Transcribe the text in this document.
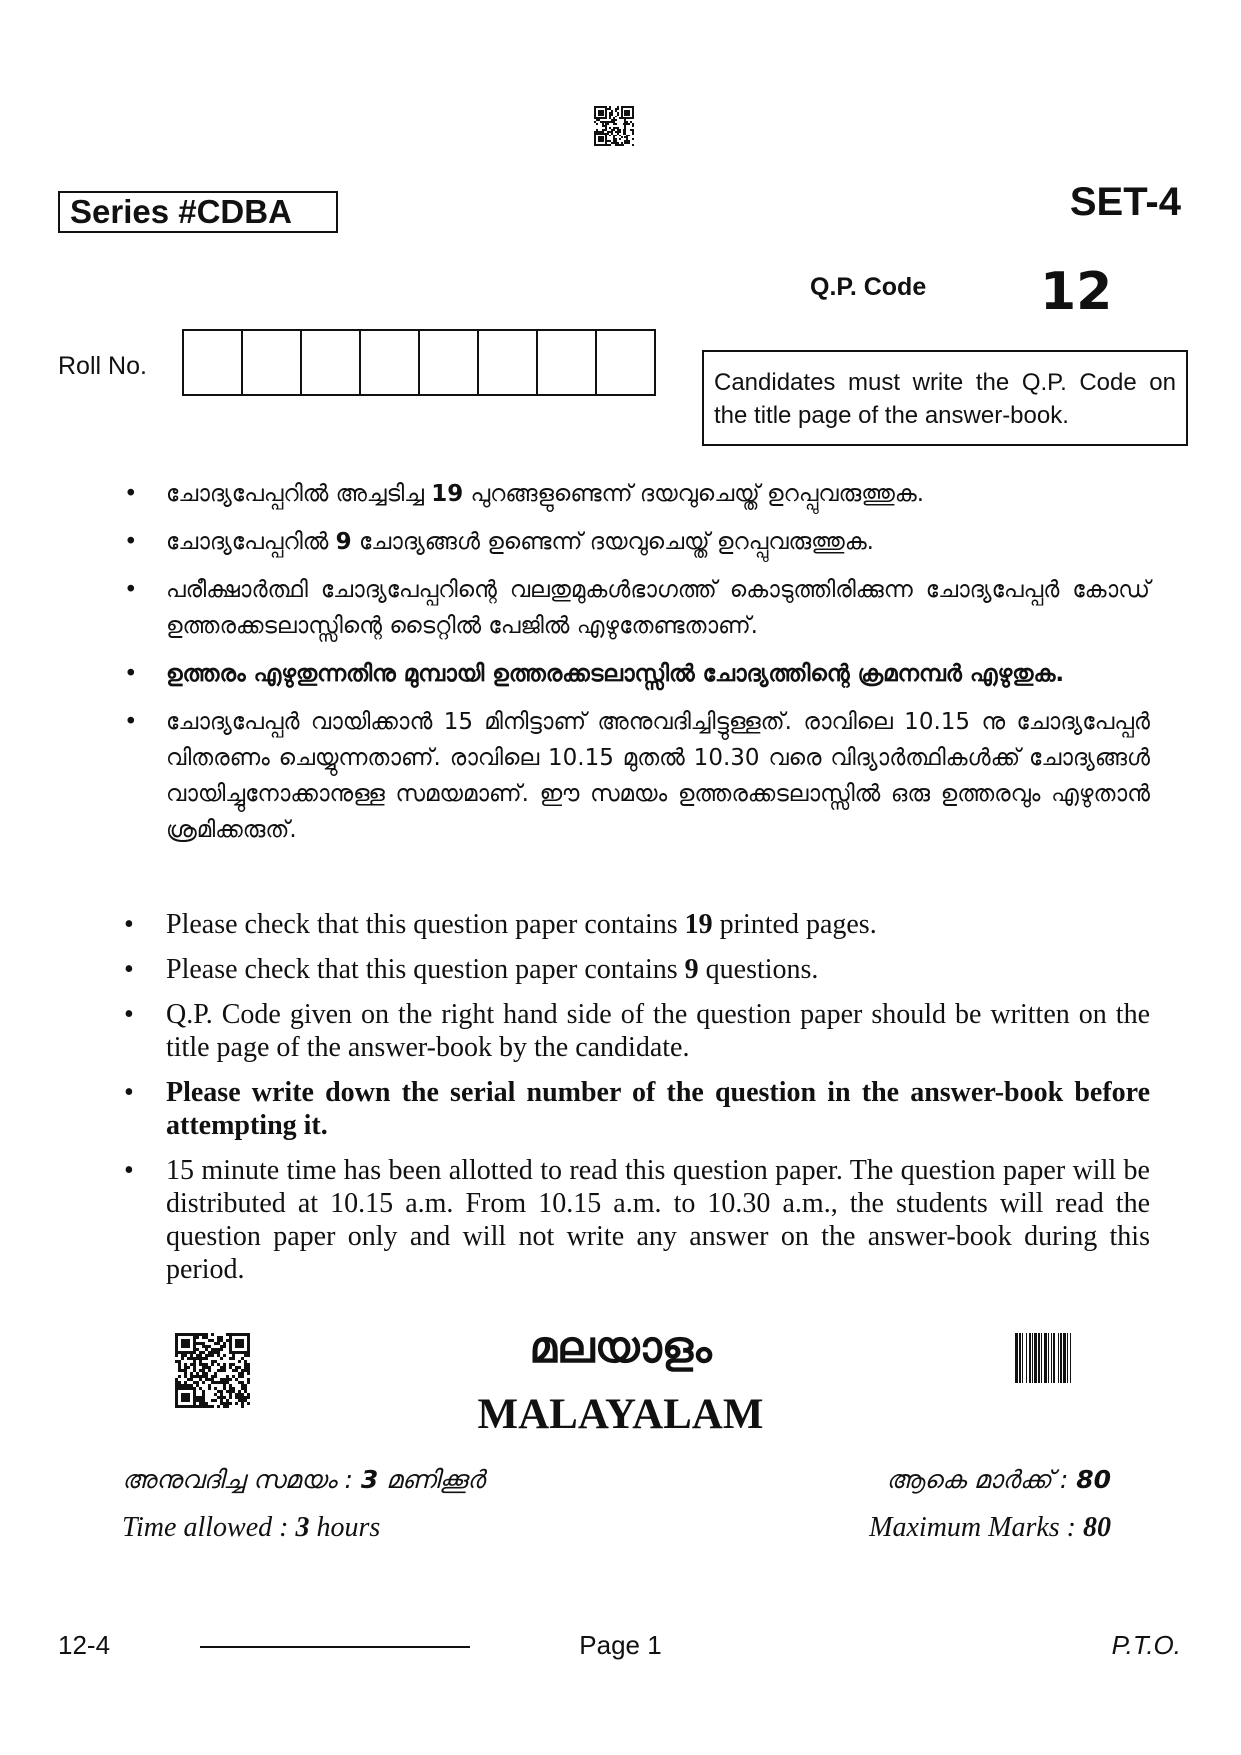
Series #CDBA	SET-4
Q.P. Code 12
Roll No.
Candidates must write the Q.P. Code on the title page of the answer-book.
• ചോദ്യപേപ്പറിൽ അച്ചടിച്ച 19 പുറങ്ങളുണ്ടെന്ന് ദയവുചെയ്ത് ഉറപ്പുവരുത്തുക.
• ചോദ്യപേപ്പറിൽ 9 ചോദ്യങ്ങൾ ഉണ്ടെന്ന് ദയവുചെയ്ത് ഉറപ്പുവരുത്തുക.
• പരീക്ഷാർത്ഥി ചോദ്യപേപ്പറിന്റെ വലതുമുകൾഭാഗത്ത് കൊടുത്തിരിക്കുന്ന ചോദ്യപേപ്പർ കോഡ് ഉത്തരക്കടലാസ്സിന്റെ ടൈറ്റിൽ പേജിൽ എഴുതേണ്ടതാണ്.
• ഉത്തരം എഴുതുന്നതിനു മുമ്പായി ഉത്തരക്കടലാസ്സിൽ ചോദ്യത്തിന്റെ ക്രമനമ്പർ എഴുതുക.
• ചോദ്യപേപ്പർ വായിക്കാൻ 15 മിനിട്ടാണ് അനുവദിച്ചിട്ടുള്ളത്. രാവിലെ 10.15 നു ചോദ്യപേപ്പർ വിതരണം ചെയ്യുന്നതാണ്. രാവിലെ 10.15 മുതൽ 10.30 വരെ വിദ്യാർത്ഥികൾക്ക് ചോദ്യങ്ങൾ വായിച്ചുനോക്കാനുള്ള സമയമാണ്. ഈ സമയം ഉത്തരക്കടലാസ്സിൽ ഒരു ഉത്തരവും എഴുതാൻ ശ്രമിക്കരുത്.
• Please check that this question paper contains 19 printed pages.
• Please check that this question paper contains 9 questions.
• Q.P. Code given on the right hand side of the question paper should be written on the title page of the answer-book by the candidate.
• Please write down the serial number of the question in the answer-book before attempting it.
• 15 minute time has been allotted to read this question paper. The question paper will be distributed at 10.15 a.m. From 10.15 a.m. to 10.30 a.m., the students will read the question paper only and will not write any answer on the answer-book during this period.
മലയാളം
MALAYALAM
അനുവദിച്ച സമയം : 3 മണിക്കൂർ	ആകെ മാർക്ക് : 80
Time allowed : 3 hours	Maximum Marks : 80
12-4	Page 1	P.T.O.
